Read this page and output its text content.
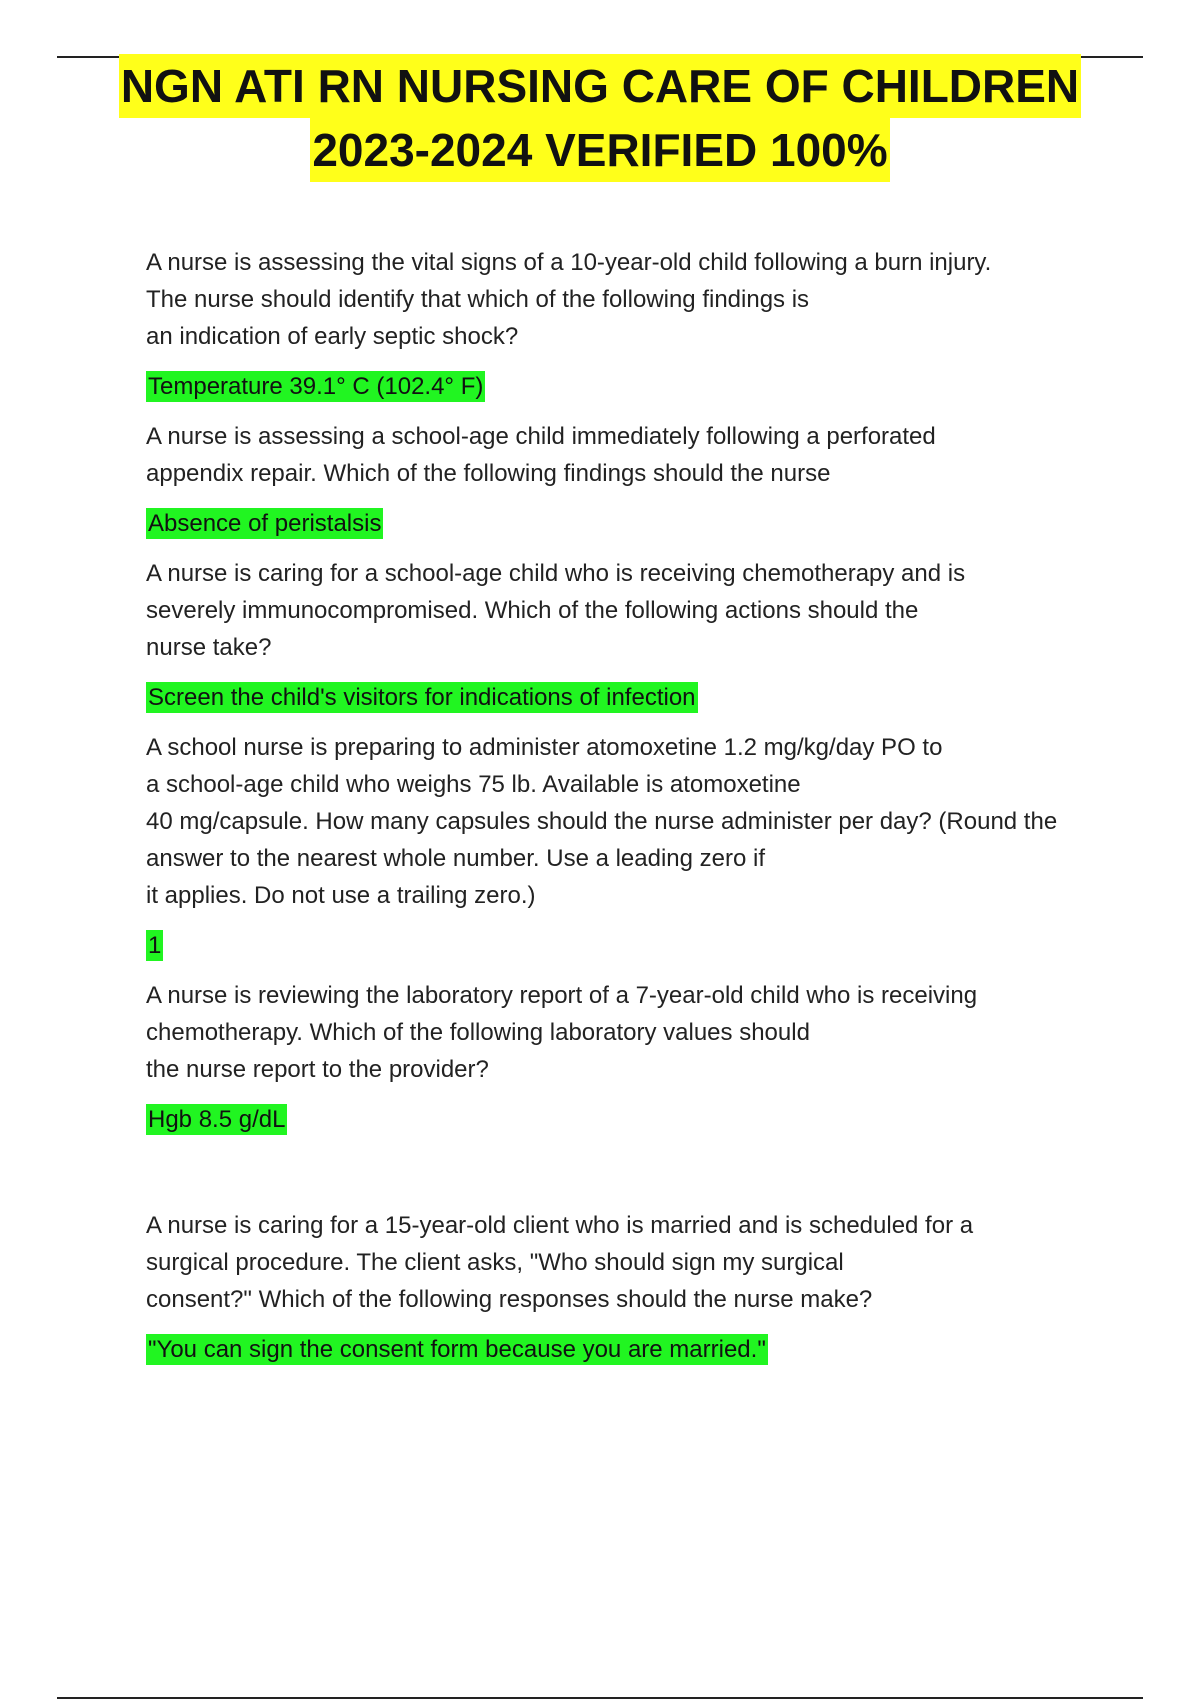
NGN ATI RN NURSING CARE OF CHILDREN
2023-2024 VERIFIED 100%

A nurse is assessing the vital signs of a 10-year-old child following a burn injury.
The nurse should identify that which of the following findings is
an indication of early septic shock?

Temperature 39.1° C (102.4° F)

A nurse is assessing a school-age child immediately following a perforated
appendix repair. Which of the following findings should the nurse

Absence of peristalsis

A nurse is caring for a school-age child who is receiving chemotherapy and is
severely immunocompromised. Which of the following actions should the
nurse take?

Screen the child's visitors for indications of infection

A school nurse is preparing to administer atomoxetine 1.2 mg/kg/day PO to
a school-age child who weighs 75 lb. Available is atomoxetine
40 mg/capsule. How many capsules should the nurse administer per day? (Round the
answer to the nearest whole number. Use a leading zero if
it applies. Do not use a trailing zero.)

1

A nurse is reviewing the laboratory report of a 7-year-old child who is receiving
chemotherapy. Which of the following laboratory values should
the nurse report to the provider?

Hgb 8.5 g/dL

A nurse is caring for a 15-year-old client who is married and is scheduled for a
surgical procedure. The client asks, "Who should sign my surgical
consent?" Which of the following responses should the nurse make?

"You can sign the consent form because you are married."
